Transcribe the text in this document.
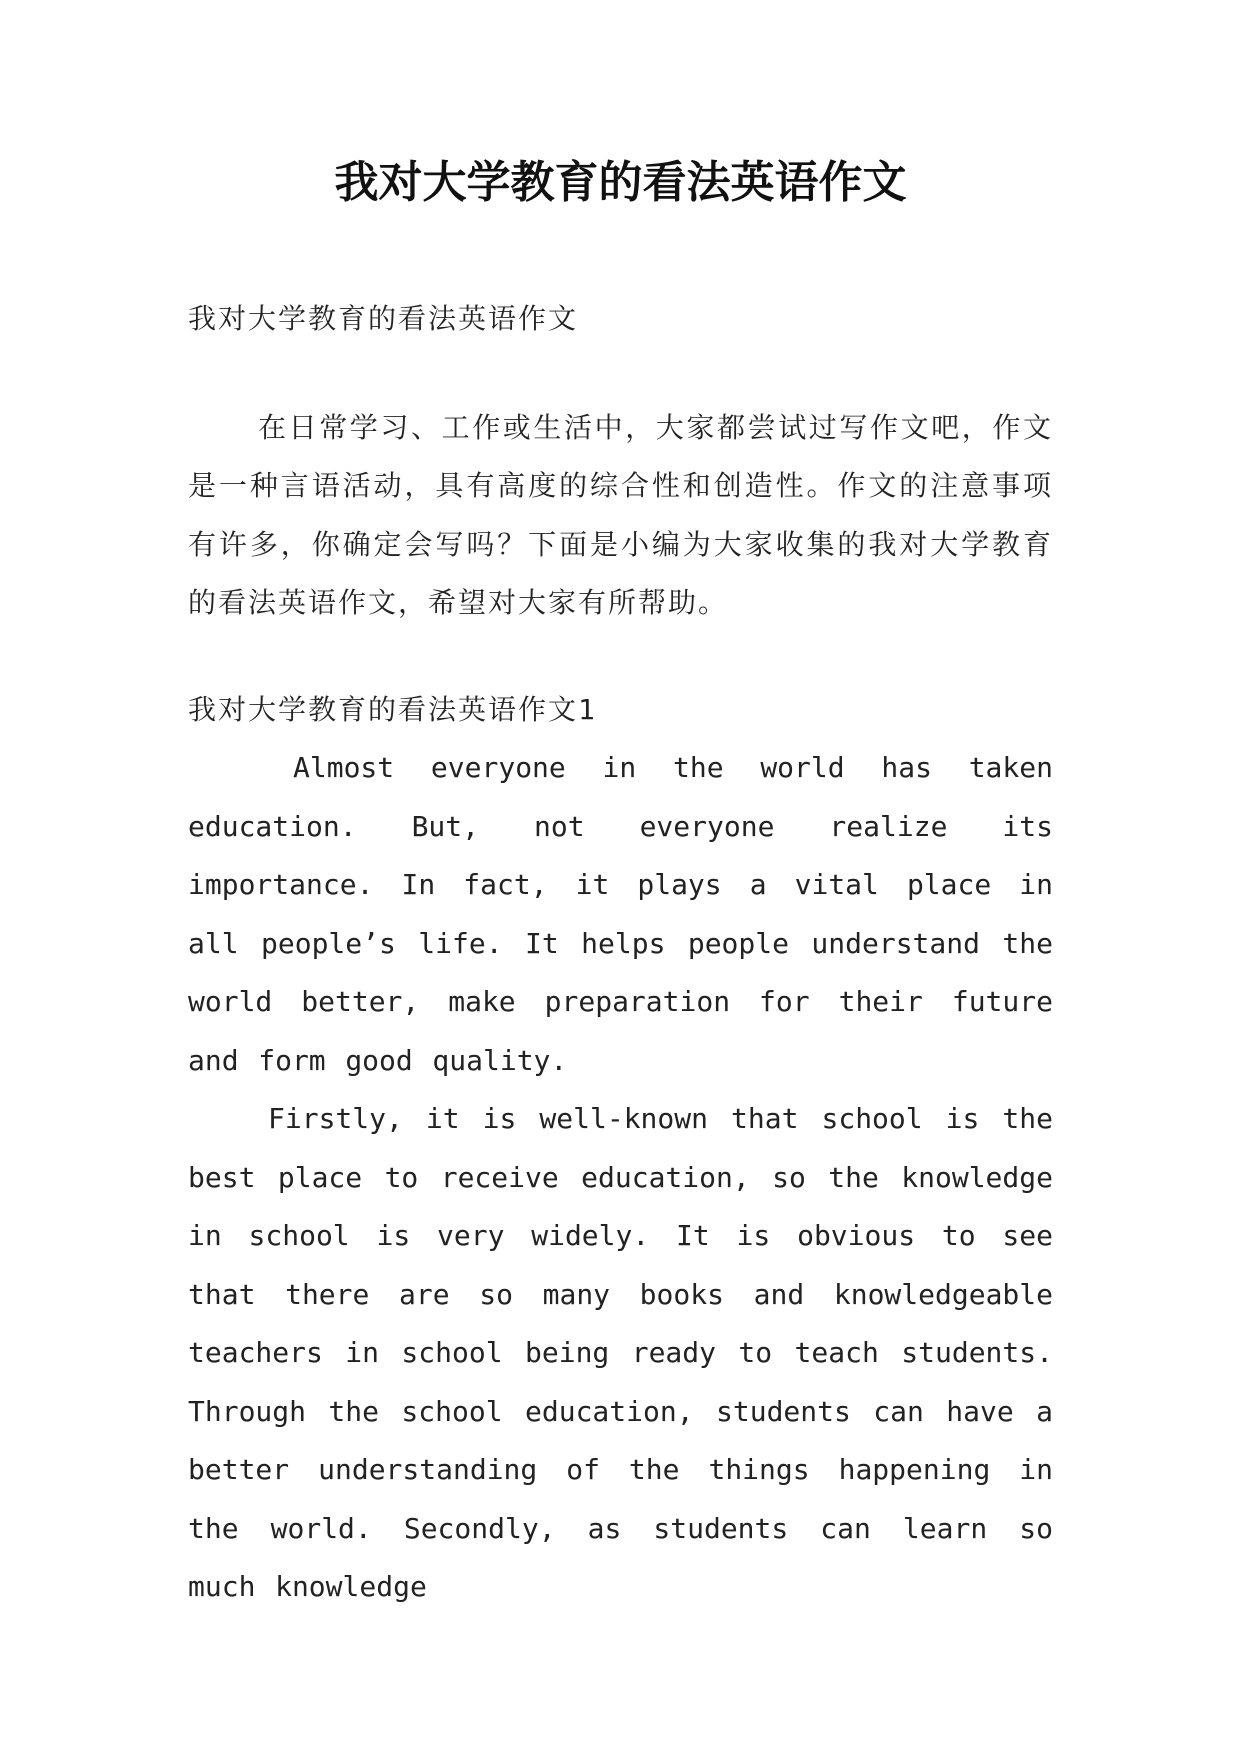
我对大学教育的看法英语作文

我对大学教育的看法英语作文

在日常学习、工作或生活中，大家都尝试过写作文吧，作文是一种言语活动，具有高度的综合性和创造性。作文的注意事项有许多，你确定会写吗？下面是小编为大家收集的我对大学教育的看法英语作文，希望对大家有所帮助。

我对大学教育的看法英语作文1

Almost everyone in the world has taken education. But, not everyone realize its importance. In fact, it plays a vital place in all people’s life. It helps people understand the world better, make preparation for their future and form good quality.

Firstly, it is well-known that school is the best place to receive education, so the knowledge in school is very widely. It is obvious to see that there are so many books and knowledgeable teachers in school being ready to teach students. Through the school education, students can have a better understanding of the things happening in the world. Secondly, as students can learn so much knowledge
